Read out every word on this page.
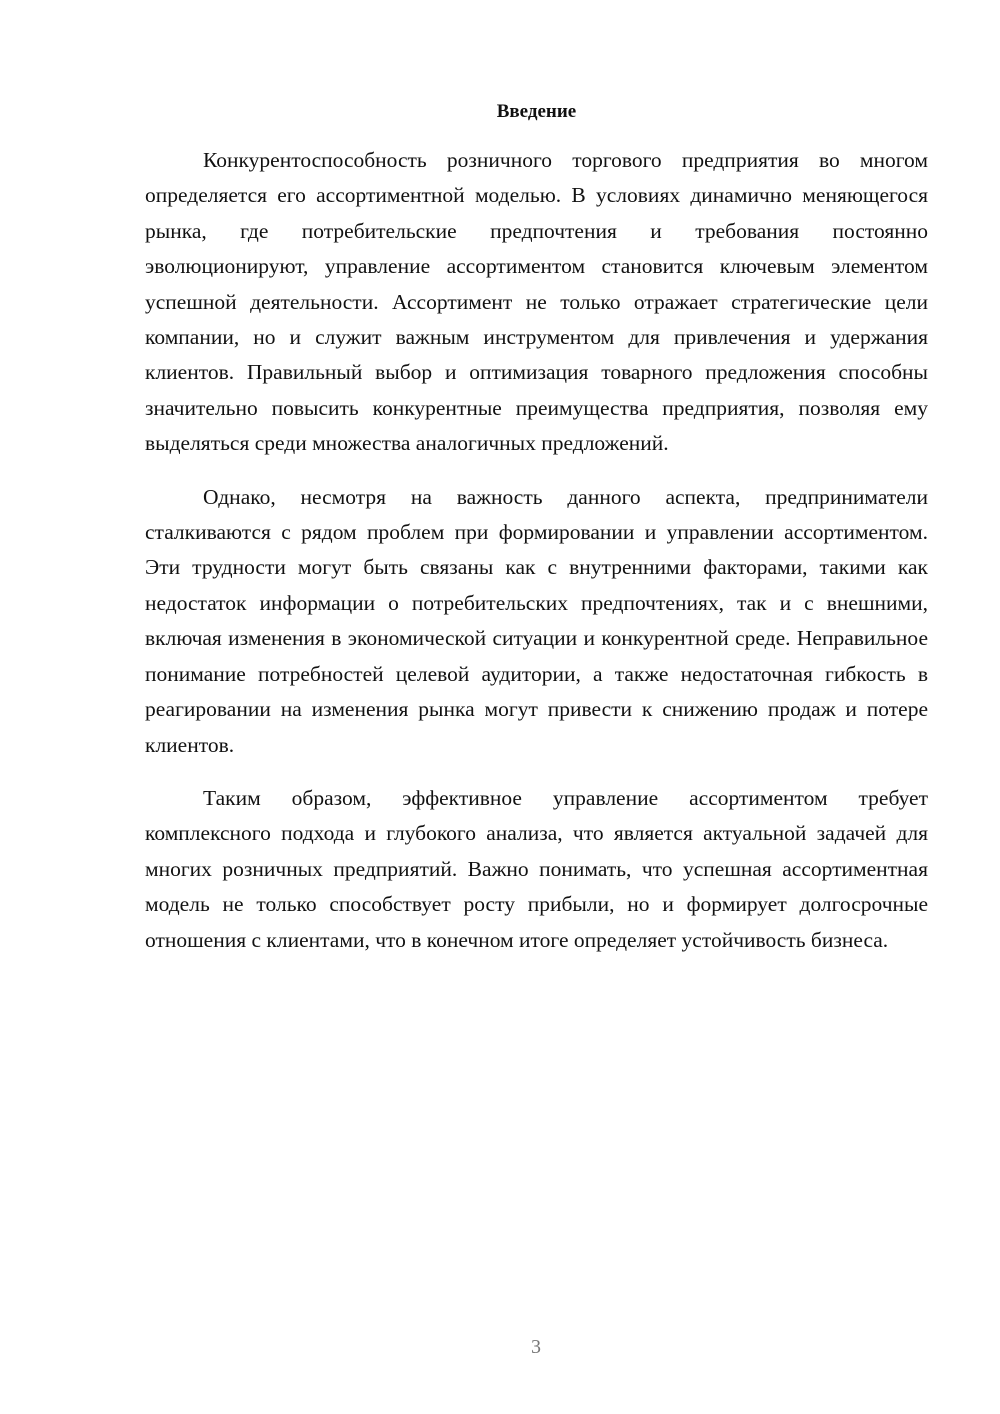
Введение

Конкурентоспособность розничного торгового предприятия во многом определяется его ассортиментной моделью. В условиях динамично меняющегося рынка, где потребительские предпочтения и требования постоянно эволюционируют, управление ассортиментом становится ключевым элементом успешной деятельности. Ассортимент не только отражает стратегические цели компании, но и служит важным инструментом для привлечения и удержания клиентов. Правильный выбор и оптимизация товарного предложения способны значительно повысить конкурентные преимущества предприятия, позволяя ему выделяться среди множества аналогичных предложений.

Однако, несмотря на важность данного аспекта, предприниматели сталкиваются с рядом проблем при формировании и управлении ассортиментом. Эти трудности могут быть связаны как с внутренними факторами, такими как недостаток информации о потребительских предпочтениях, так и с внешними, включая изменения в экономической ситуации и конкурентной среде. Неправильное понимание потребностей целевой аудитории, а также недостаточная гибкость в реагировании на изменения рынка могут привести к снижению продаж и потере клиентов.

Таким образом, эффективное управление ассортиментом требует комплексного подхода и глубокого анализа, что является актуальной задачей для многих розничных предприятий. Важно понимать, что успешная ассортиментная модель не только способствует росту прибыли, но и формирует долгосрочные отношения с клиентами, что в конечном итоге определяет устойчивость бизнеса.

3
